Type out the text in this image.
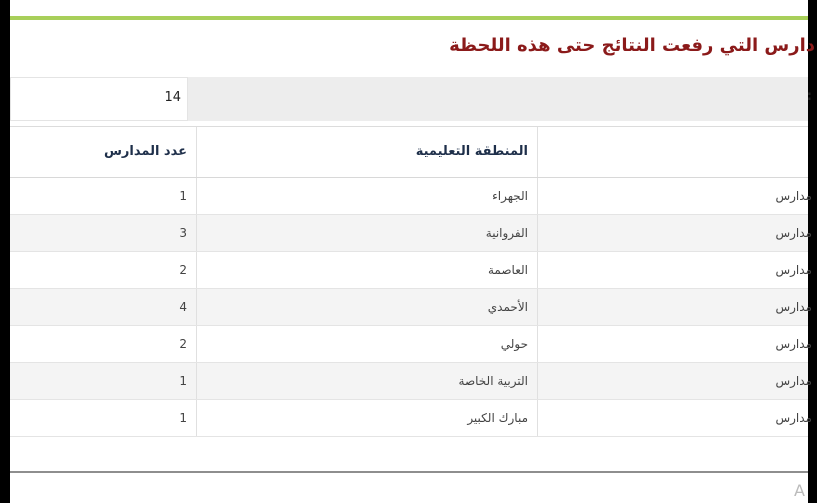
دارس التي رفعت النتائج حتى هذه اللحظة
14	:
عدد المدارس	المنطقة التعليمية
1	الجهراء	مدارس
3	الفروانية	مدارس
2	العاصمة	مدارس
4	الأحمدي	مدارس
2	حولي	مدارس
1	التربية الخاصة	مدارس
1	مبارك الكبير	مدارس
A
